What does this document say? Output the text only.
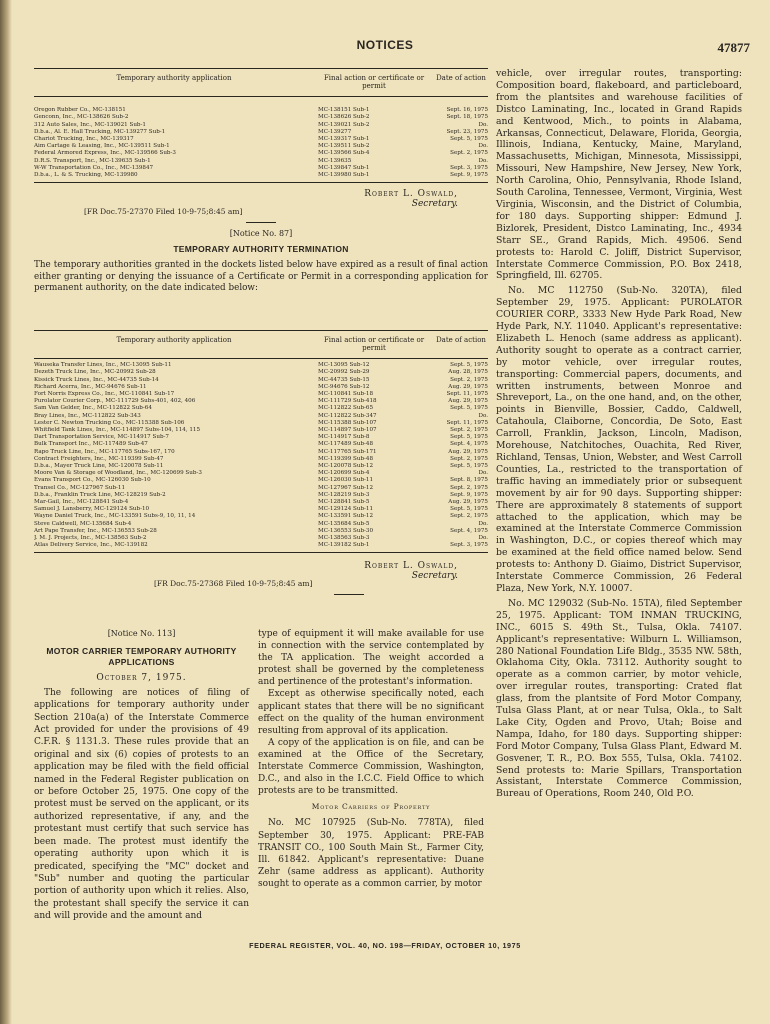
NOTICES	47877
Temporary authority application	Final action or certificate or permit
Date of action
Oregon Rubber Co., MC-138151	MC-138151 Sub-1	Sept. 16, 1975
Genconn, Inc., MC-138626 Sub-2	MC-138626 Sub-2	Sept. 18, 1975
312 Auto Sales, Inc., MC-139021 Sub-1	MC-139021 Sub-2	Do.
D.b.a., Al. E. Hall Trucking, MC-139277 Sub-1	MC-139277	Sept. 23, 1975
Chariot Trucking, Inc., MC-139317	MC-139317 Sub-1	Sept. 5, 1975
Aim Cartage & Leasing, Inc., MC-139511 Sub-1	MC-139511 Sub-2	Do.
Federal Armored Express, Inc., MC-139566 Sub-3	MC-139566 Sub-4	Sept. 2, 1975
D.R.S. Transport, Inc., MC-139635 Sub-1	MC-139635	Do.
W-W Transportation Co., Inc., MC-139847	MC-139847 Sub-1	Sept. 3, 1975
D.b.a., L. & S. Trucking, MC-139980	MC-139980 Sub-1	Sept. 9, 1975
Robert L. Oswald,
Secretary.
[FR Doc.75-27370 Filed 10-9-75;8:45 am]
[Notice No. 87]
TEMPORARY AUTHORITY TERMINATION
The temporary authorities granted in the dockets listed below have expired as a result of final action either granting or denying the issuance of a Certificate or Permit in a corresponding application for permanent authority, on the date indicated below:
Temporary authority application	Final action or certificate or permit
Date of action
Wauseka Transfer Lines, Inc., MC-13095 Sub-11	MC-13095 Sub-12	Sept. 5, 1975
Dezeth Truck Line, Inc., MC-20992 Sub-28	MC-20992 Sub-29	Aug. 28, 1975
Kissick Truck Lines, Inc., MC-44735 Sub-14	MC-44735 Sub-15	Sept. 2, 1975
Richard Acerra, Inc., MC-94676 Sub-11	MC-94676 Sub-12	Aug. 29, 1975
Fort Norris Express Co., Inc., MC-110841 Sub-17	MC-110841 Sub-18	Sept. 11, 1975
Purolator Courier Corp., MC-111729 Subs-401, 402, 406	MC-111729 Sub-418	Aug. 29, 1975
Sam Van Gelder, Inc., MC-112822 Sub-64	MC-112822 Sub-65	Sept. 5, 1975
Bray Lines, Inc., MC-112822 Sub-343	MC-112822 Sub-347	Do.
Lester C. Newton Trucking Co., MC-115388 Sub-106	MC-115388 Sub-107	Sept. 11, 1975
Whitfield Tank Lines, Inc., MC-114897 Subs-104, 114, 115	MC-114897 Sub-107	Sept. 2, 1975
Dart Transportation Service, MC-114917 Sub-7	MC-114917 Sub-8	Sept. 5, 1975
Bulk Transport Inc., MC-117489 Sub-47	MC-117489 Sub-48	Sept. 4, 1975
Rapo Truck Line, Inc., MC-117765 Subs-167, 170	MC-117765 Sub-171	Aug. 29, 1975
Contract Freighters, Inc., MC-119399 Sub-47	MC-119399 Sub-48	Sept. 2, 1975
D.b.a., Mayer Truck Line, MC-120078 Sub-11	MC-120078 Sub-12	Sept. 5, 1975
Moore Van & Storage of Woodland, Inc., MC-120699 Sub-3	MC-120699 Sub-4	Do.
Evans Transport Co., MC-126030 Sub-10	MC-126030 Sub-11	Sept. 8, 1975
Transel Co., MC-127967 Sub-11	MC-127967 Sub-12	Sept. 2, 1975
D.b.a., Franklin Truck Line, MC-128219 Sub-2	MC-128219 Sub-3	Sept. 9, 1975
Mar-Gail, Inc., MC-128841 Sub-4	MC-128841 Sub-5	Aug. 29, 1975
Samuel J. Lansberry, MC-129124 Sub-10	MC-129124 Sub-11	Sept. 5, 1975
Wayne Daniel Truck, Inc., MC-133591 Subs-9, 10, 11, 14	MC-133591 Sub-12	Sept. 2, 1975
Steve Caldwell, MC-135684 Sub-4	MC-135684 Sub-5	Do.
Art Pape Transfer, Inc., MC-136553 Sub-28	MC-136553 Sub-30	Sept. 4, 1975
J. M. J. Projects, Inc., MC-138563 Sub-2	MC-138563 Sub-3	Do.
Atlas Delivery Service, Inc., MC-139182	MC-139182 Sub-1	Sept. 3, 1975
Robert L. Oswald,
Secretary.
[FR Doc.75-27368 Filed 10-9-75;8:45 am]
[Notice No. 113]
MOTOR CARRIER TEMPORARY AUTHORITY APPLICATIONS
October 7, 1975.

The following are notices of filing of applications for temporary authority under Section 210a(a) of the Interstate Commerce Act provided for under the provisions of 49 C.F.R. § 1131.3. These rules provide that an original and six (6) copies of protests to an application may be filed with the field official named in the Federal Register publication on or before October 25, 1975. One copy of the protest must be served on the applicant, or its authorized representative, if any, and the protestant must certify that such service has been made. The protest must identify the operating authority upon which it is predicated, specifying the "MC" docket and "Sub" number and quoting the particular portion of authority upon which it relies. Also, the protestant shall specify the service it can and will provide and the amount and

type of equipment it will make available for use in connection with the service contemplated by the TA application. The weight accorded a protest shall be governed by the completeness and pertinence of the protestant's information.

Except as otherwise specifically noted, each applicant states that there will be no significant effect on the quality of the human environment resulting from approval of its application.

A copy of the application is on file, and can be examined at the Office of the Secretary, Interstate Commerce Commission, Washington, D.C., and also in the I.C.C. Field Office to which protests are to be transmitted.

Motor Carriers of Property

No. MC 107925 (Sub-No. 778TA), filed September 30, 1975. Applicant: PRE-FAB TRANSIT CO., 100 South Main St., Farmer City, Ill. 61842. Applicant's representative: Duane Zehr (same address as applicant). Authority sought to operate as a common carrier, by motor

vehicle, over irregular routes, transporting: Composition board, flakeboard, and particleboard, from the plantsites and warehouse facilities of Distco Laminating, Inc., located in Grand Rapids and Kentwood, Mich., to points in Alabama, Arkansas, Connecticut, Delaware, Florida, Georgia, Illinois, Indiana, Kentucky, Maine, Maryland, Massachusetts, Michigan, Minnesota, Mississippi, Missouri, New Hampshire, New Jersey, New York, North Carolina, Ohio, Pennsylvania, Rhode Island, South Carolina, Tennessee, Vermont, Virginia, West Virginia, Wisconsin, and the District of Columbia, for 180 days. Supporting shipper: Edmund J. Bizlorek, President, Distco Laminating, Inc., 4934 Starr SE., Grand Rapids, Mich. 49506. Send protests to: Harold C. Joliff, District Supervisor, Interstate Commerce Commission, P.O. Box 2418, Springfield, Ill. 62705.

No. MC 112750 (Sub-No. 320TA), filed September 29, 1975. Applicant: PUROLATOR COURIER CORP., 3333 New Hyde Park Road, New Hyde Park, N.Y. 11040. Applicant's representative: Elizabeth L. Henoch (same address as applicant). Authority sought to operate as a contract carrier, by motor vehicle, over irregular routes, transporting: Commercial papers, documents, and written instruments, between Monroe and Shreveport, La., on the one hand, and, on the other, points in Bienville, Bossier, Caddo, Caldwell, Catahoula, Claiborne, Concordia, De Soto, East Carroll, Franklin, Jackson, Lincoln, Madison, Morehouse, Natchitoches, Ouachita, Red River, Richland, Tensas, Union, Webster, and West Carroll Counties, La., restricted to the transportation of traffic having an immediately prior or subsequent movement by air for 90 days. Supporting shipper: There are approximately 8 statements of support attached to the application, which may be examined at the Interstate Commerce Commission in Washington, D.C., or copies thereof which may be examined at the field office named below. Send protests to: Anthony D. Giaimo, District Supervisor, Interstate Commerce Commission, 26 Federal Plaza, New York, N.Y. 10007.

No. MC 129032 (Sub-No. 15TA), filed September 25, 1975. Applicant: TOM INMAN TRUCKING, INC., 6015 S. 49th St., Tulsa, Okla. 74107. Applicant's representative: Wilburn L. Williamson, 280 National Foundation Life Bldg., 3535 NW. 58th, Oklahoma City, Okla. 73112. Authority sought to operate as a common carrier, by motor vehicle, over irregular routes, transporting: Crated flat glass, from the plantsite of Ford Motor Company, Tulsa Glass Plant, at or near Tulsa, Okla., to Salt Lake City, Ogden and Provo, Utah; Boise and Nampa, Idaho, for 180 days. Supporting shipper: Ford Motor Company, Tulsa Glass Plant, Edward M. Gosvener, T. R., P.O. Box 555, Tulsa, Okla. 74102. Send protests to: Marie Spillars, Transportation Assistant, Interstate Commerce Commission, Bureau of Operations, Room 240, Old P.O.

FEDERAL REGISTER, VOL. 40, NO. 198—FRIDAY, OCTOBER 10, 1975
